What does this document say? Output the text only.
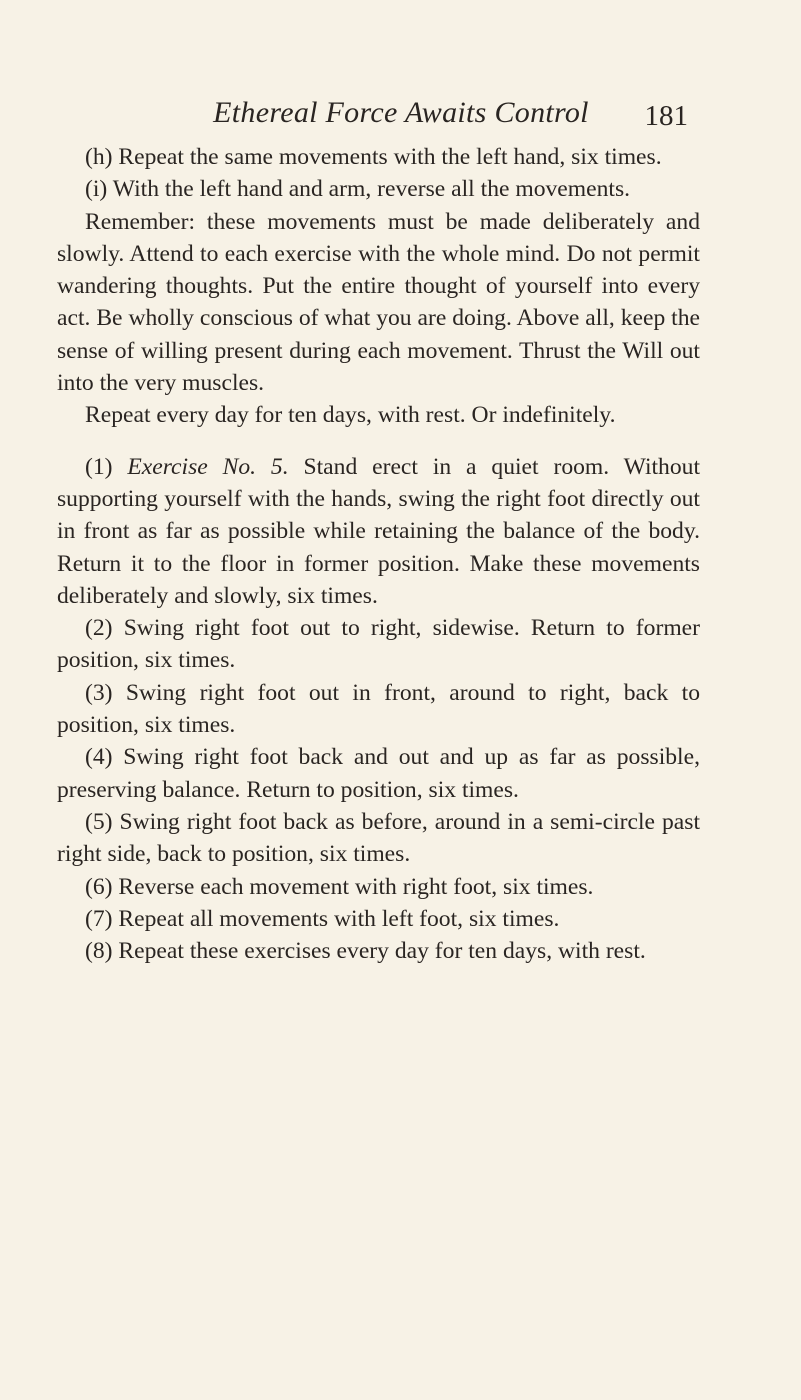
Ethereal Force Awaits Control	181

(h) Repeat the same movements with the left hand, six times.

(i) With the left hand and arm, reverse all the movements.

Remember: these movements must be made deliberately and slowly. Attend to each exercise with the whole mind. Do not permit wandering thoughts. Put the entire thought of yourself into every act. Be wholly conscious of what you are doing. Above all, keep the sense of willing present during each movement. Thrust the Will out into the very muscles.

Repeat every day for ten days, with rest. Or indefinitely.

(1) Exercise No. 5. Stand erect in a quiet room. Without supporting yourself with the hands, swing the right foot directly out in front as far as possible while retaining the balance of the body. Return it to the floor in former position. Make these movements deliberately and slowly, six times.

(2) Swing right foot out to right, sidewise. Return to former position, six times.

(3) Swing right foot out in front, around to right, back to position, six times.

(4) Swing right foot back and out and up as far as possible, preserving balance. Return to position, six times.

(5) Swing right foot back as before, around in a semi-circle past right side, back to position, six times.

(6) Reverse each movement with right foot, six times.

(7) Repeat all movements with left foot, six times.

(8) Repeat these exercises every day for ten days, with rest.
